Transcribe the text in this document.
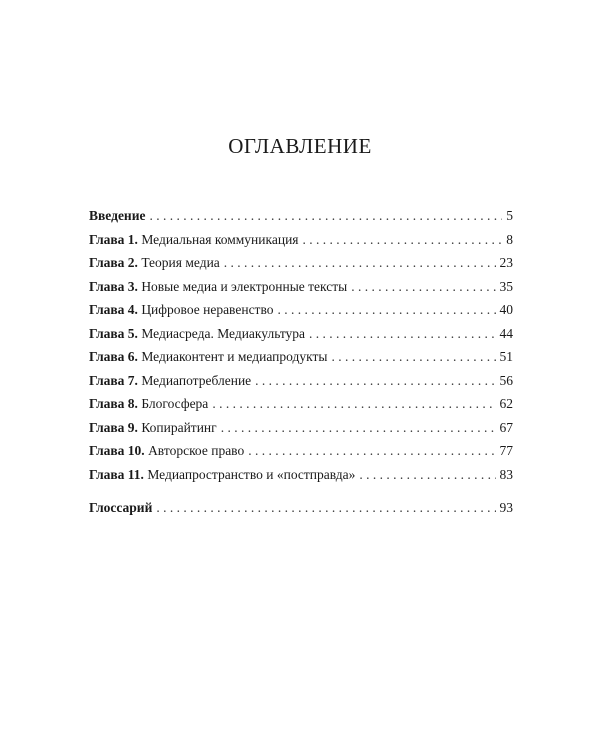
ОГЛАВЛЕНИЕ
Введение . . .	5
Глава 1. Медиальная коммуникация . . .	8
Глава 2. Теория медиа . . .	23
Глава 3. Новые медиа и электронные тексты . . .	35
Глава 4. Цифровое неравенство . . .	40
Глава 5. Медиасреда. Медиакультура . . .	44
Глава 6. Медиаконтент и медиапродукты . . .	51
Глава 7. Медиапотребление . . .	56
Глава 8. Блогосфера . . .	62
Глава 9. Копирайтинг . . .	67
Глава 10. Авторское право . . .	77
Глава 11. Медиапространство и «постправда» . . .	83
Глоссарий . . .	93
